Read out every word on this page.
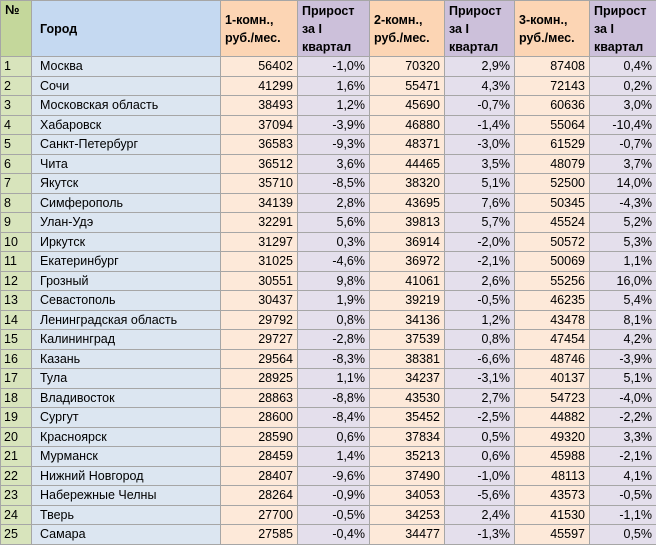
№	Город	1-комн.,
руб./мес.	Прирост
за I
квартал	2-комн.,
руб./мес.	Прирост
за I
квартал	3-комн.,
руб./мес.	Прирост
за I
квартал

1	Москва	56402	-1,0%	70320	2,9%	87408	0,4%
2	Сочи	41299	1,6%	55471	4,3%	72143	0,2%
3	Московская область	38493	1,2%	45690	-0,7%	60636	3,0%
4	Хабаровск	37094	-3,9%	46880	-1,4%	55064	-10,4%
5	Санкт-Петербург	36583	-9,3%	48371	-3,0%	61529	-0,7%
6	Чита	36512	3,6%	44465	3,5%	48079	3,7%
7	Якутск	35710	-8,5%	38320	5,1%	52500	14,0%
8	Симферополь	34139	2,8%	43695	7,6%	50345	-4,3%
9	Улан-Удэ	32291	5,6%	39813	5,7%	45524	5,2%
10	Иркутск	31297	0,3%	36914	-2,0%	50572	5,3%
11	Екатеринбург	31025	-4,6%	36972	-2,1%	50069	1,1%
12	Грозный	30551	9,8%	41061	2,6%	55256	16,0%
13	Севастополь	30437	1,9%	39219	-0,5%	46235	5,4%
14	Ленинградская область	29792	0,8%	34136	1,2%	43478	8,1%
15	Калининград	29727	-2,8%	37539	0,8%	47454	4,2%
16	Казань	29564	-8,3%	38381	-6,6%	48746	-3,9%
17	Тула	28925	1,1%	34237	-3,1%	40137	5,1%
18	Владивосток	28863	-8,8%	43530	2,7%	54723	-4,0%
19	Сургут	28600	-8,4%	35452	-2,5%	44882	-2,2%
20	Красноярск	28590	0,6%	37834	0,5%	49320	3,3%
21	Мурманск	28459	1,4%	35213	0,6%	45988	-2,1%
22	Нижний Новгород	28407	-9,6%	37490	-1,0%	48113	4,1%
23	Набережные Челны	28264	-0,9%	34053	-5,6%	43573	-0,5%
24	Тверь	27700	-0,5%	34253	2,4%	41530	-1,1%
25	Самара	27585	-0,4%	34477	-1,3%	45597	0,5%
